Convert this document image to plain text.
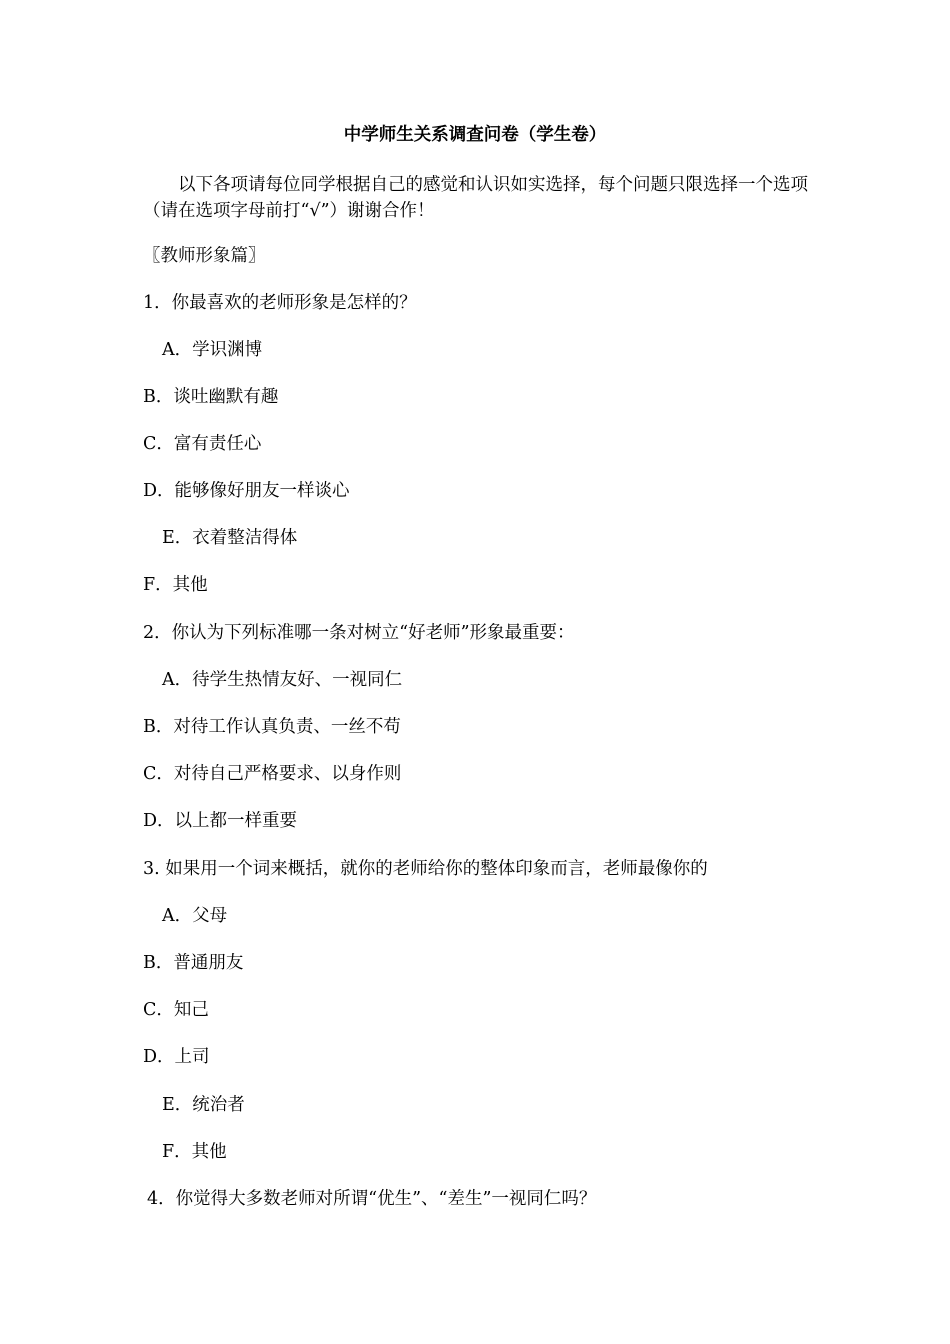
中学师生关系调查问卷（学生卷）
以下各项请每位同学根据自己的感觉和认识如实选择，每个问题只限选择一个选项（请在选项字母前打“√”）谢谢合作！
〖教师形象篇〗
1．你最喜欢的老师形象是怎样的？
A．学识渊博
B．谈吐幽默有趣
C．富有责任心
D．能够像好朋友一样谈心
E．衣着整洁得体
F．其他
2．你认为下列标准哪一条对树立“好老师”形象最重要：
A．待学生热情友好、一视同仁
B．对待工作认真负责、一丝不苟
C．对待自己严格要求、以身作则
D．以上都一样重要
3. 如果用一个词来概括，就你的老师给你的整体印象而言，老师最像你的
A．父母
B．普通朋友
C．知己
D．上司
E．统治者
F．其他
4．你觉得大多数老师对所谓“优生”、“差生”一视同仁吗？
